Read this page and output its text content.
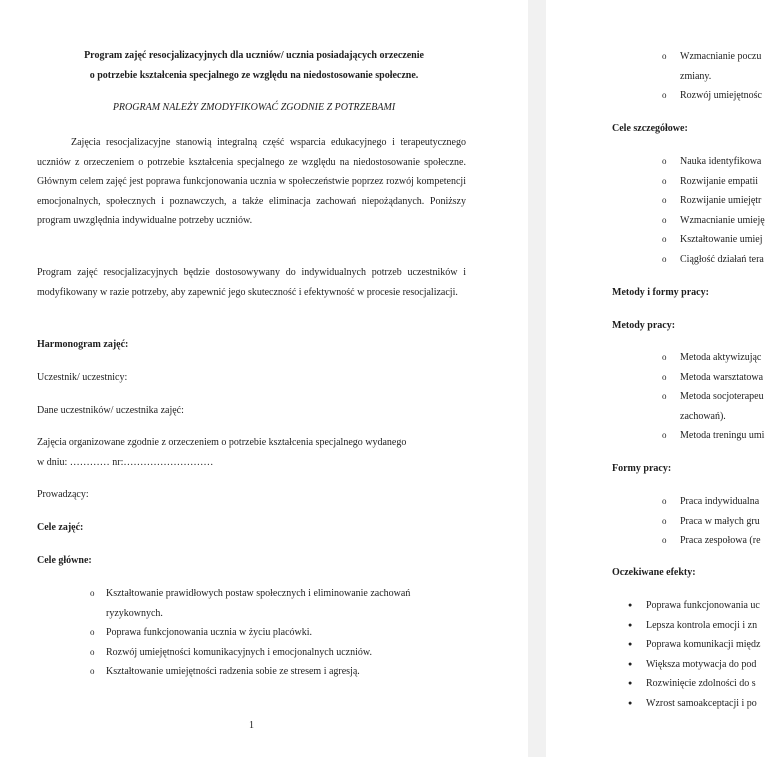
Program zajęć resocjalizacyjnych dla uczniów/ ucznia posiadających orzeczenie
o potrzebie kształcenia specjalnego ze względu na niedostosowanie społeczne.
PROGRAM NALEŻY ZMODYFIKOWAĆ ZGODNIE Z POTRZEBAMI
Zajęcia resocjalizacyjne stanowią integralną część wsparcia edukacyjnego i terapeutycznego uczniów z orzeczeniem o potrzebie kształcenia specjalnego ze względu na niedostosowanie społeczne. Głównym celem zajęć jest poprawa funkcjonowania ucznia w społeczeństwie poprzez rozwój kompetencji emocjonalnych, społecznych i poznawczych, a także eliminacja zachowań niepożądanych. Poniższy program uwzględnia indywidualne potrzeby uczniów.
Program zajęć resocjalizacyjnych będzie dostosowywany do indywidualnych potrzeb uczestników i modyfikowany w razie potrzeby, aby zapewnić jego skuteczność i efektywność w procesie resocjalizacji.
Harmonogram zajęć:
Uczestnik/ uczestnicy:
Dane uczestników/ uczestnika zajęć:
Zajęcia organizowane zgodnie z orzeczeniem o potrzebie kształcenia specjalnego wydanego
w dniu: ………… nr:………………………
Prowadzący:
Cele zajęć:
Cele główne:
o	Kształtowanie prawidłowych postaw społecznych i eliminowanie zachowań
ryzykownych.
o	Poprawa funkcjonowania ucznia w życiu placówki.
o	Rozwój umiejętności komunikacyjnych i emocjonalnych uczniów.
o	Kształtowanie umiejętności radzenia sobie ze stresem i agresją.
1
o	Wzmacnianie poczu
zmiany.
o	Rozwój umiejętnośc
Cele szczegółowe:
o	Nauka identyfikowa
o	Rozwijanie empatii
o	Rozwijanie umiejętr
o	Wzmacnianie umieję
o	Kształtowanie umiej
o	Ciągłość działań tera
Metody i formy pracy:
Metody pracy:
o	Metoda aktywizując
o	Metoda warsztatowa
o	Metoda socjoterapeu
zachowań).
o	Metoda treningu umi
Formy pracy:
o	Praca indywidualna
o	Praca w małych gru
o	Praca zespołowa (re
Oczekiwane efekty:
●	Poprawa funkcjonowania uc
●	Lepsza kontrola emocji i zn
●	Poprawa komunikacji międz
●	Większa motywacja do pod
●	Rozwinięcie zdolności do s
●	Wzrost samoakceptacji i po
